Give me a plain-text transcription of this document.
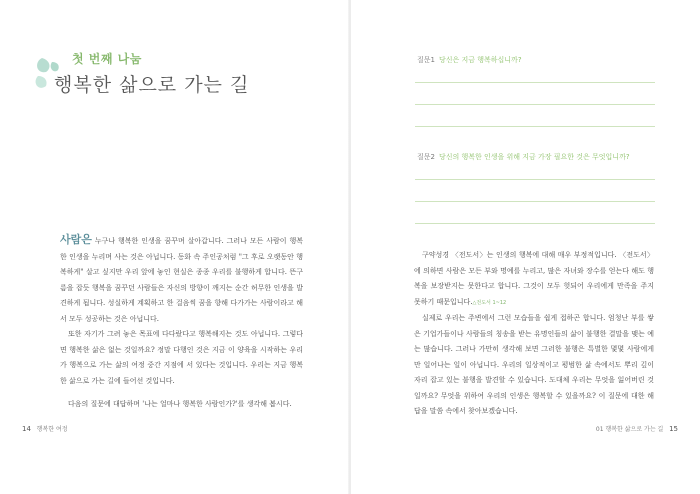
첫 번째 나눔
행복한 삶으로 가는 길

사람은 누구나 행복한 인생을 꿈꾸며 살아갑니다. 그러나 모든 사람이 행복한 인생을 누리며 사는 것은 아닙니다. 동화 속 주인공처럼 "그 후로 오랫동안 행복하게" 살고 싶지만 우리 앞에 놓인 현실은 종종 우리를 불행하게 합니다. 뜬구름을 잡듯 행복을 꿈꾸던 사람들은 자신의 방향이 깨지는 순간 허무한 인생을 발견하게 됩니다. 성실하게 계획하고 한 걸음씩 꿈을 향해 다가가는 사람이라고 해서 모두 성공하는 것은 아닙니다.

또한 자기가 그려 놓은 목표에 다다랐다고 행복해지는 것도 아닙니다. 그렇다면 행복한 삶은 없는 것일까요? 정말 다행인 것은 지금 이 양육을 시작하는 우리가 행복으로 가는 삶의 여정 중간 지점에 서 있다는 것입니다. 우리는 지금 행복한 삶으로 가는 길에 들어선 것입니다.

다음의 질문에 대답하며 '나는 얼마나 행복한 사람인가?'를 생각해 봅시다.

14 행복한 여정
질문1 당신은 지금 행복하십니까?
질문2 당신의 행복한 인생을 위해 지금 가장 필요한 것은 무엇입니까?

구약성경 〈전도서〉는 인생의 행복에 대해 매우 부정적입니다. 〈전도서〉에 의하면 사람은 모든 부와 명예를 누리고, 많은 자녀와 장수를 얻는다 해도 행복을 보장받지는 못한다고 합니다. 그것이 모두 헛되어 우리에게 만족을 주지 못하기 때문입니다.△전도서 1~12

실제로 우리는 주변에서 그런 모습들을 쉽게 접하곤 합니다. 엄청난 부를 쌓은 기업가들이나 사람들의 칭송을 받는 유명인들의 삶이 불행한 결말을 맺는 예는 많습니다. 그러나 가만히 생각해 보면 그러한 불행은 특별한 몇몇 사람에게만 일어나는 일이 아닙니다. 우리의 일상적이고 평범한 삶 속에서도 뿌리 깊이 자리 잡고 있는 불행을 발견할 수 있습니다. 도대체 우리는 무엇을 잃어버린 것일까요? 무엇을 위하여 우리의 인생은 행복할 수 있을까요? 이 질문에 대한 해답을 말씀 속에서 찾아보겠습니다.

01 행복한 삶으로 가는 길 15
